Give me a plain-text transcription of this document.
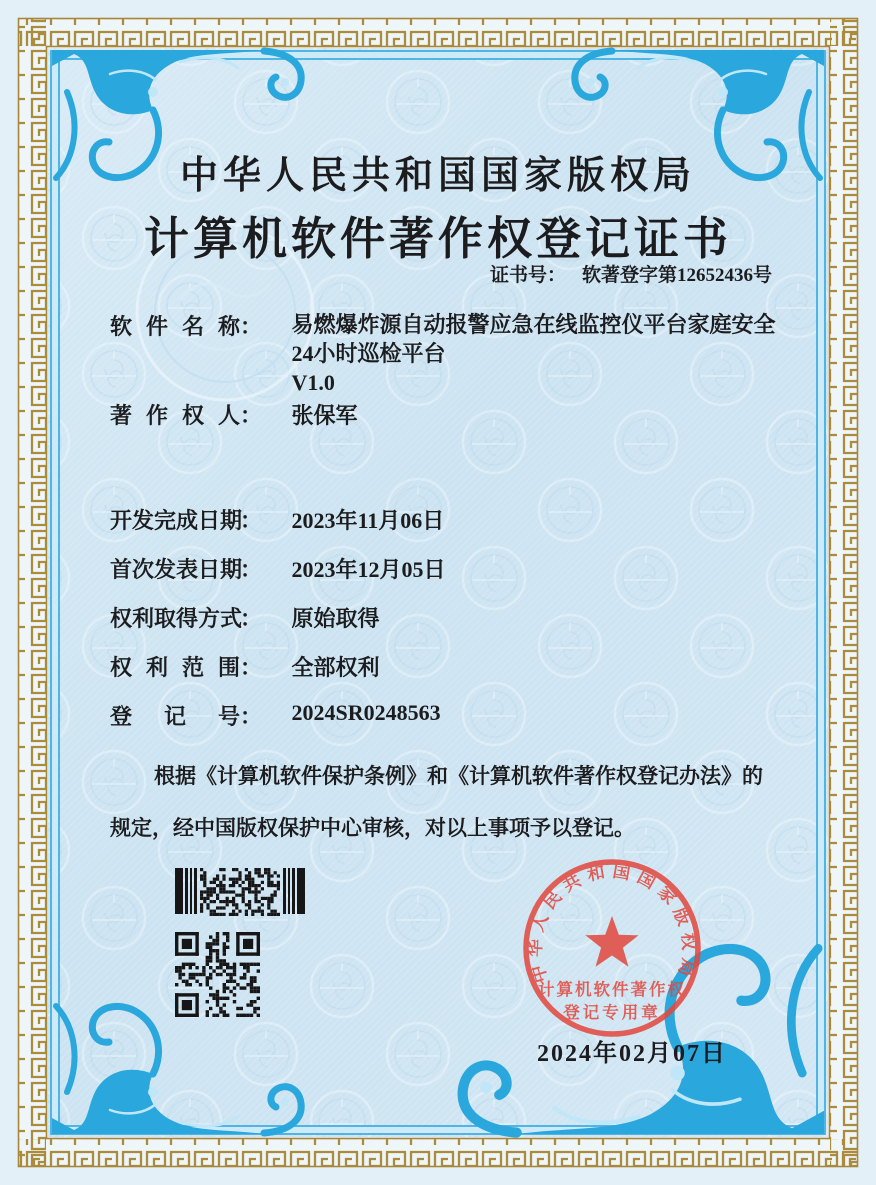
中华人民共和国国家版权局
计算机软件著作权登记证书
证书号： 软著登字第12652436号
软件名称： 易燃爆炸源自动报警应急在线监控仪平台家庭安全
24小时巡检平台
V1.0
著作权人： 张保军
开发完成日期： 2023年11月06日
首次发表日期： 2023年12月05日
权利取得方式： 原始取得
权利范围： 全部权利
登记号： 2024SR0248563
根据《计算机软件保护条例》和《计算机软件著作权登记办法》的
规定，经中国版权保护中心审核，对以上事项予以登记。
中华人民共和国国家版权局
计算机软件著作权
登记专用章
2024年02月07日
